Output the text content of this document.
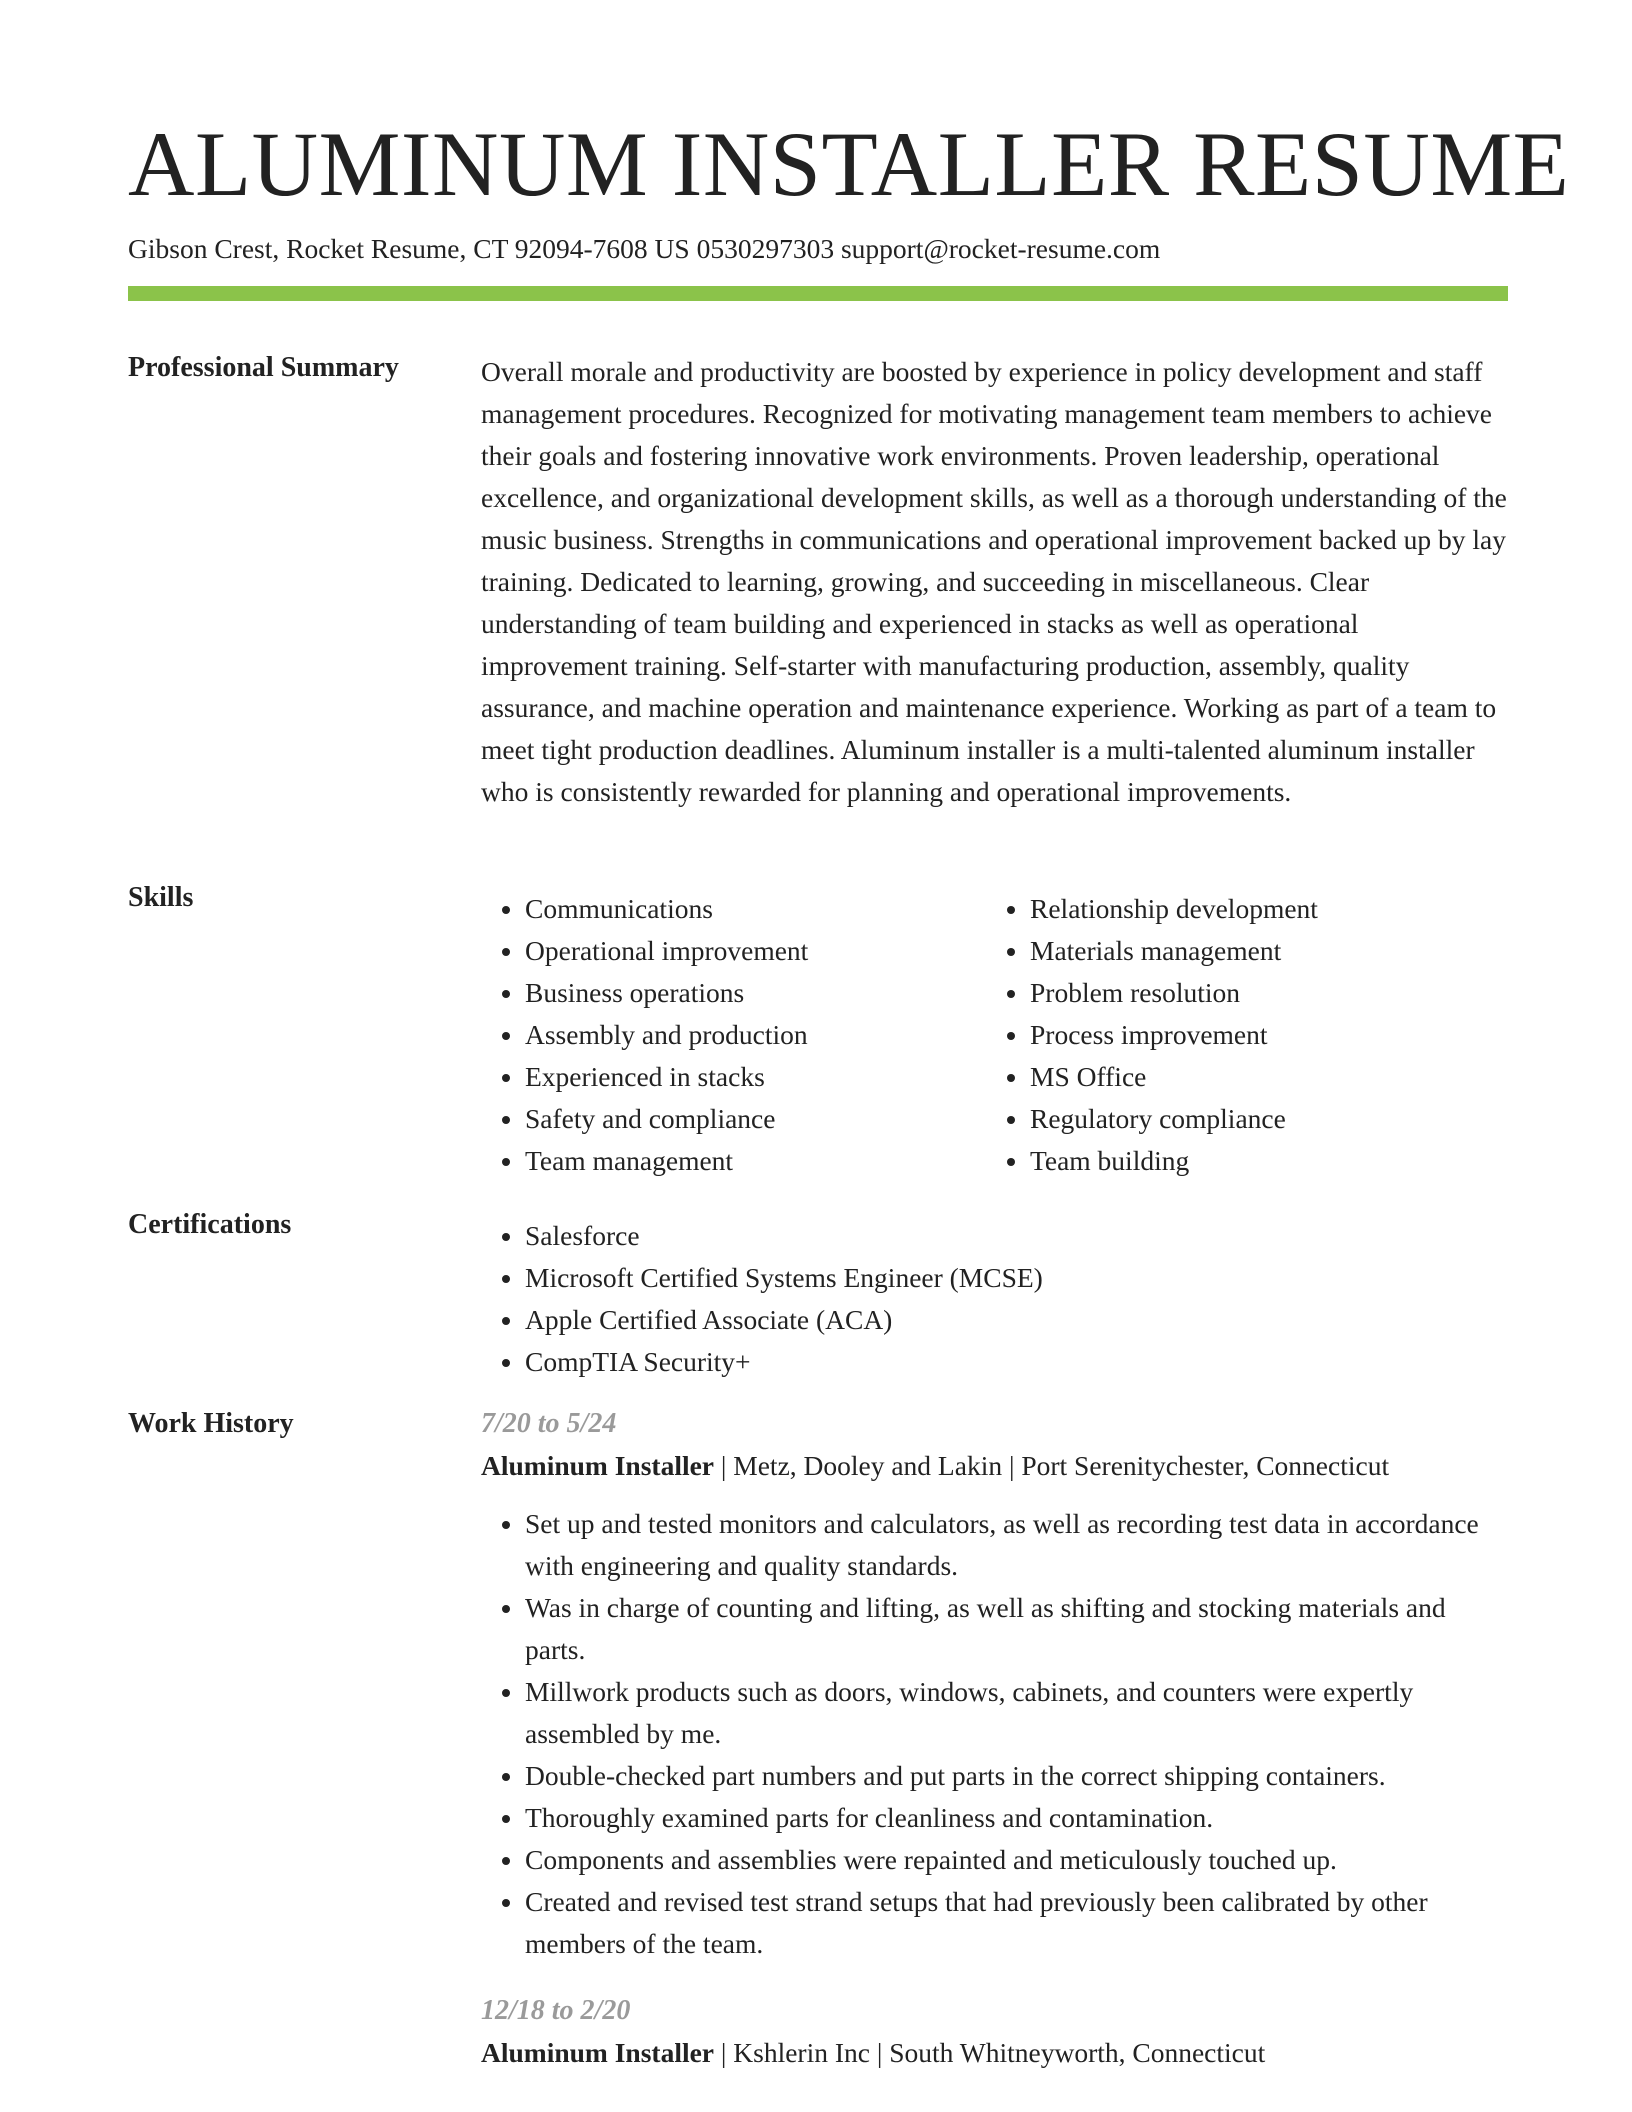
ALUMINUM INSTALLER RESUME
Gibson Crest, Rocket Resume, CT 92094-7608 US 0530297303 support@rocket-resume.com
Professional Summary	Overall morale and productivity are boosted by experience in policy development and staff management procedures. Recognized for motivating management team members to achieve their goals and fostering innovative work environments. Proven leadership, operational excellence, and organizational development skills, as well as a thorough understanding of the music business. Strengths in communications and operational improvement backed up by lay training. Dedicated to learning, growing, and succeeding in miscellaneous. Clear understanding of team building and experienced in stacks as well as operational improvement training. Self-starter with manufacturing production, assembly, quality assurance, and machine operation and maintenance experience. Working as part of a team to meet tight production deadlines. Aluminum installer is a multi-talented aluminum installer who is consistently rewarded for planning and operational improvements.

Skills	• Communications
• Operational improvement
• Business operations
• Assembly and production
• Experienced in stacks
• Safety and compliance
• Team management
• Relationship development
• Materials management
• Problem resolution
• Process improvement
• MS Office
• Regulatory compliance
• Team building
Certifications	• Salesforce
• Microsoft Certified Systems Engineer (MCSE)
• Apple Certified Associate (ACA)
• CompTIA Security+
Work History	7/20 to 5/24
Aluminum Installer | Metz, Dooley and Lakin | Port Serenitychester, Connecticut
• Set up and tested monitors and calculators, as well as recording test data in accordance with engineering and quality standards.
• Was in charge of counting and lifting, as well as shifting and stocking materials and parts.
• Millwork products such as doors, windows, cabinets, and counters were expertly assembled by me.
• Double-checked part numbers and put parts in the correct shipping containers.
• Thoroughly examined parts for cleanliness and contamination.
• Components and assemblies were repainted and meticulously touched up.
• Created and revised test strand setups that had previously been calibrated by other members of the team.
12/18 to 2/20
Aluminum Installer | Kshlerin Inc | South Whitneyworth, Connecticut
